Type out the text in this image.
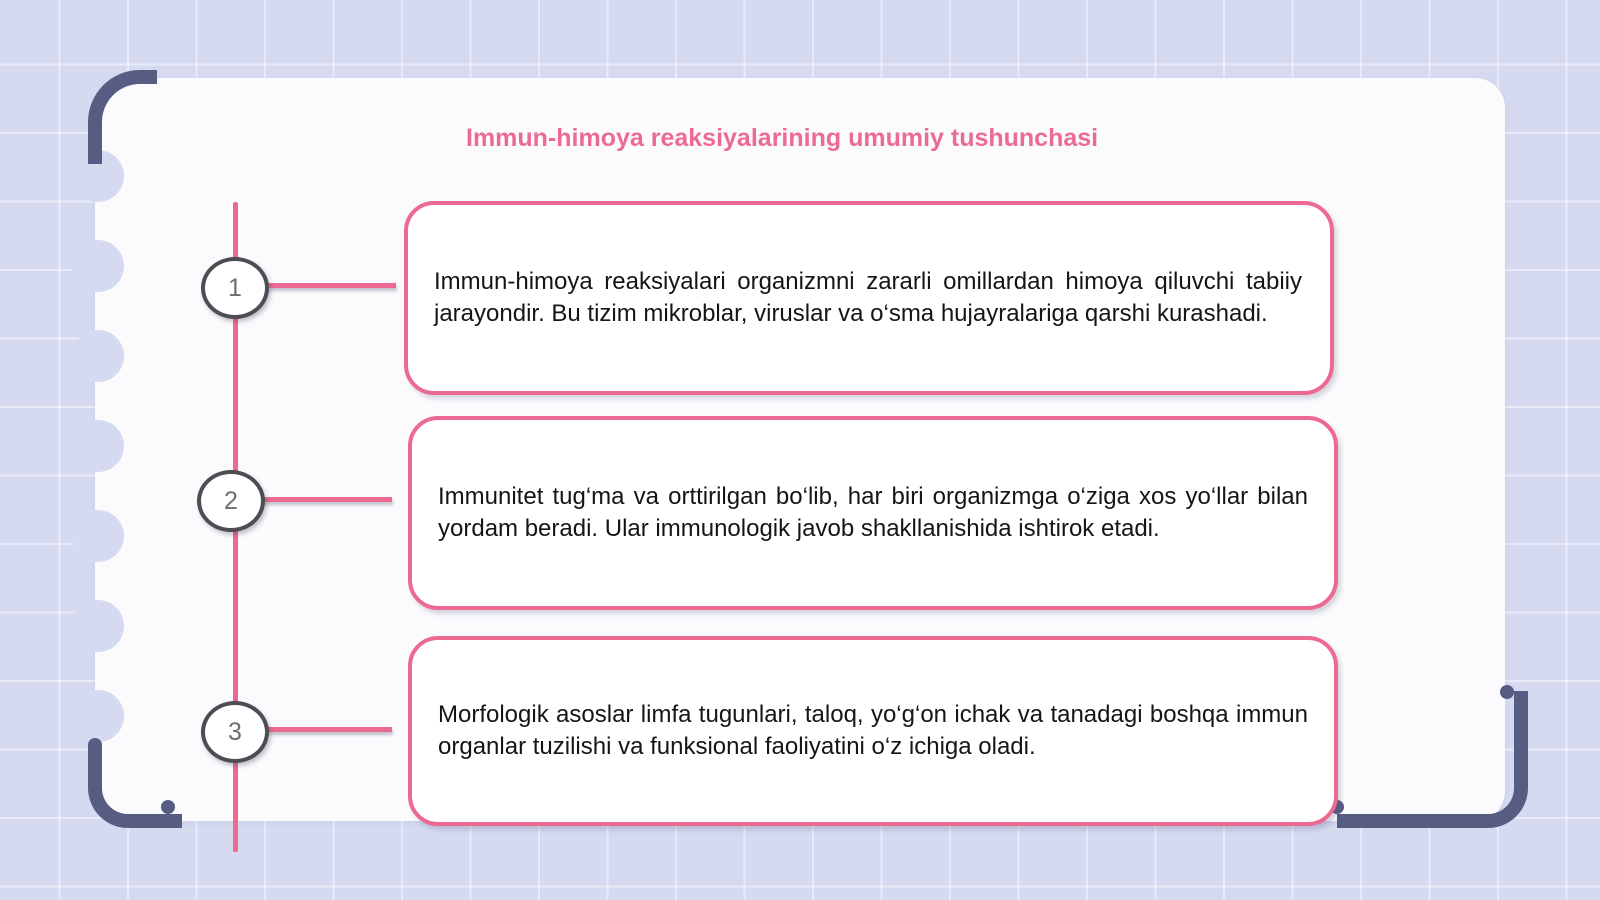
Immun-himoya reaksiyalarining umumiy tushunchasi
1
2
3

Immun-himoya reaksiyalari organizmni zararli omillardan himoya qiluvchi tabiiy jarayondir. Bu tizim mikroblar, viruslar va o‘sma hujayralariga qarshi kurashadi.

Immunitet tug‘ma va orttirilgan bo‘lib, har biri organizmga o‘ziga xos yo‘llar bilan yordam beradi. Ular immunologik javob shakllanishida ishtirok etadi.

Morfologik asoslar limfa tugunlari, taloq, yo‘g‘on ichak va tanadagi boshqa immun organlar tuzilishi va funksional faoliyatini o‘z ichiga oladi.
